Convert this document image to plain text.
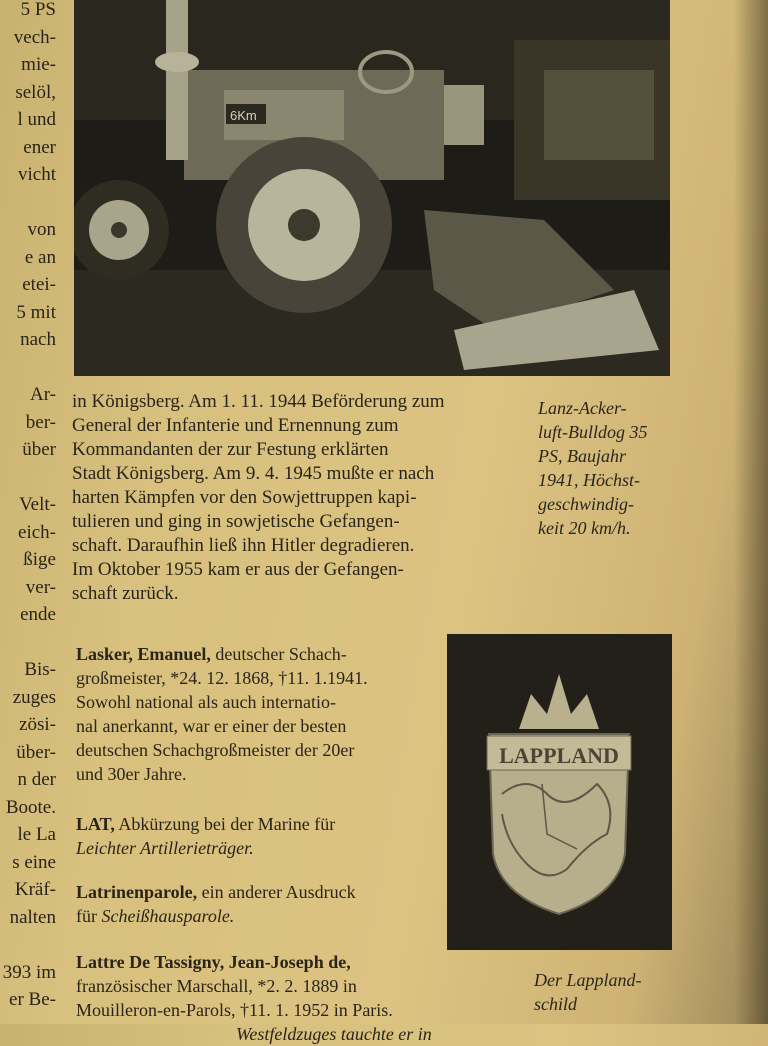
5 PS
vech-
mie-
selöl,
l und
ener
vicht
von
e an
etei-
5 mit
nach
Ar-
ber-
über
Velt-
eich-
ßige
ver-
ende
Bis-
zuges
zösi-
über-
n der
Boote.
le La
s eine
Kräf-
nalten
393 im
er Be-
6Km
Lanz-Acker-
luft-Bulldog 35
PS, Baujahr
1941, Höchst-
geschwindig-
keit 20 km/h.
in Königsberg. Am 1. 11. 1944 Beförderung zum
General der Infanterie und Ernennung zum
Kommandanten der zur Festung erklärten
Stadt Königsberg. Am 9. 4. 1945 mußte er nach
harten Kämpfen vor den Sowjettruppen kapi-
tulieren und ging in sowjetische Gefangen-
schaft. Daraufhin ließ ihn Hitler degradieren.
Im Oktober 1955 kam er aus der Gefangen-
schaft zurück.
Lasker, Emanuel, deutscher Schach-
großmeister, *24. 12. 1868, †11. 1.1941.
Sowohl national als auch internatio-
nal anerkannt, war er einer der besten
deutschen Schachgroßmeister der 20er
und 30er Jahre.
LAT, Abkürzung bei der Marine für
Leichter Artillerieträger.
Latrinenparole, ein anderer Ausdruck
für Scheißhausparole.
Lattre De Tassigny, Jean-Joseph de,
französischer Marschall, *2. 2. 1889 in
Mouilleron-en-Parols, †11. 1. 1952 in Paris.
Westfeldzuges tauchte er in
LAPPLAND
Der Lappland-
schild
